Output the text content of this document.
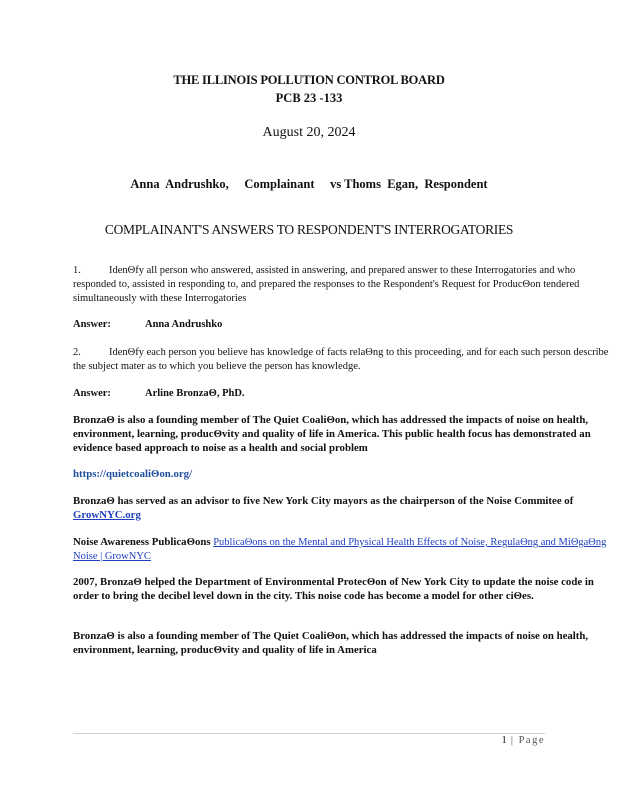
THE ILLINOIS POLLUTION CONTROL BOARD
PCB 23 -133
August 20, 2024
Anna  Andrushko,     Complainant     vs Thoms  Egan,  Respondent
COMPLAINANT'S ANSWERS TO RESPONDENT'S INTERROGATORIES
1.	IdenΘfy all person who answered, assisted in answering, and prepared answer to these Interrogatories and who responded to, assisted in responding to, and prepared the responses to the Respondent's Request for ProducΘon tendered simultaneously with these Interrogatories
Answer:	Anna Andrushko
2.	IdenΘfy each person you believe has knowledge of facts relaΘng to this proceeding, and for each such person describe the subject mater as to which you believe the person has knowledge.
Answer:	Arline BronzaΘ, PhD.
BronzaΘ is also a founding member of The Quiet CoaliΘon, which has addressed the impacts of noise on health, environment, learning, producΘvity and quality of life in America. This public health focus has demonstrated an evidence based approach to noise as a health and social problem
https://quietcoaliΘon.org/
BronzaΘ has served as an advisor to five New York City mayors as the chairperson of the Noise Commitee of GrowNYC.org
Noise Awareness PublicaΘons PublicaΘons on the Mental and Physical Health Effects of Noise, RegulaΘng and MiΘgaΘng Noise | GrowNYC
2007, BronzaΘ helped the Department of Environmental ProtecΘon of New York City to update the noise code in order to bring the decibel level down in the city. This noise code has become a model for other ciΘes.
BronzaΘ is also a founding member of The Quiet CoaliΘon, which has addressed the impacts of noise on health, environment, learning, producΘvity and quality of life in America
1 | Page
